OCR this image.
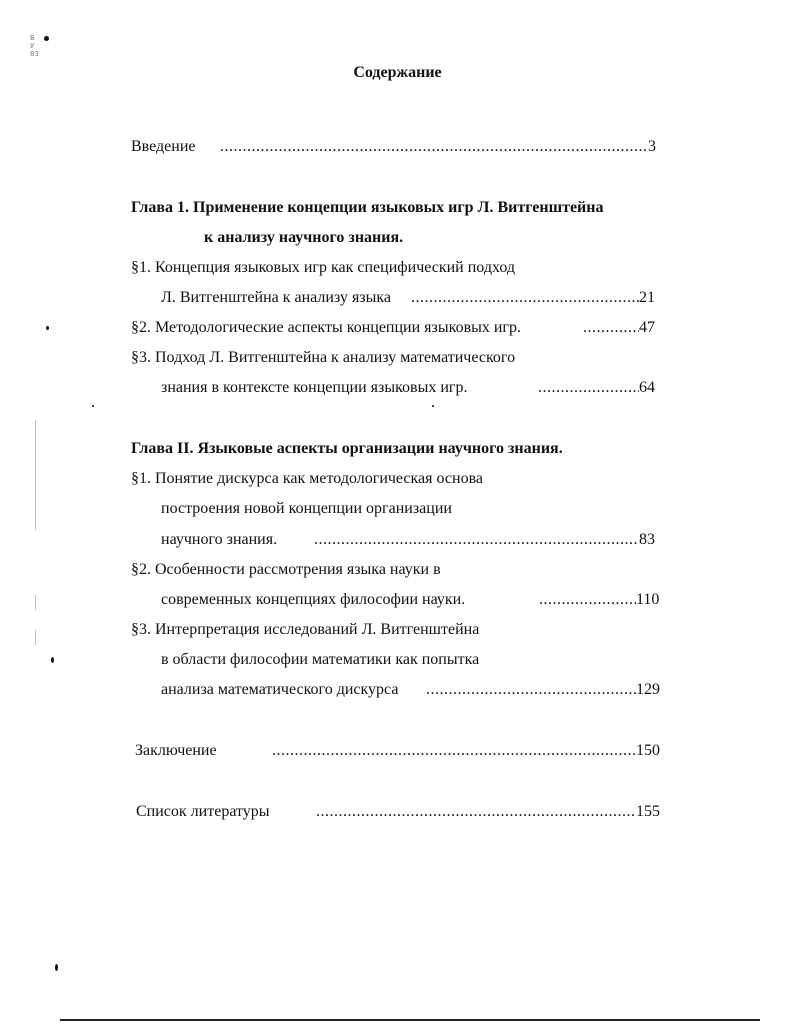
Б У 83
Содержание
Введение .....	3
Глава 1. Применение концепции языковых игр Л. Витгенштейна
к анализу научного знания.
§1. Концепция языковых игр как специфический подход
Л. Витгенштейна к анализу языка .....	21
§2. Методологические аспекты концепции языковых игр. .....	47
§3. Подход Л. Витгенштейна к анализу математического
знания в контексте концепции языковых игр. .....	64
Глава II. Языковые аспекты организации научного знания.
§1. Понятие дискурса как методологическая основа
построения новой концепции организации
научного знания. .....	83
§2. Особенности рассмотрения языка науки в
современных концепциях философии науки. .....	110
§3. Интерпретация исследований Л. Витгенштейна
в области философии математики как попытка
анализа математического дискурса .....	129
Заключение .....	150
Список литературы .....	155
